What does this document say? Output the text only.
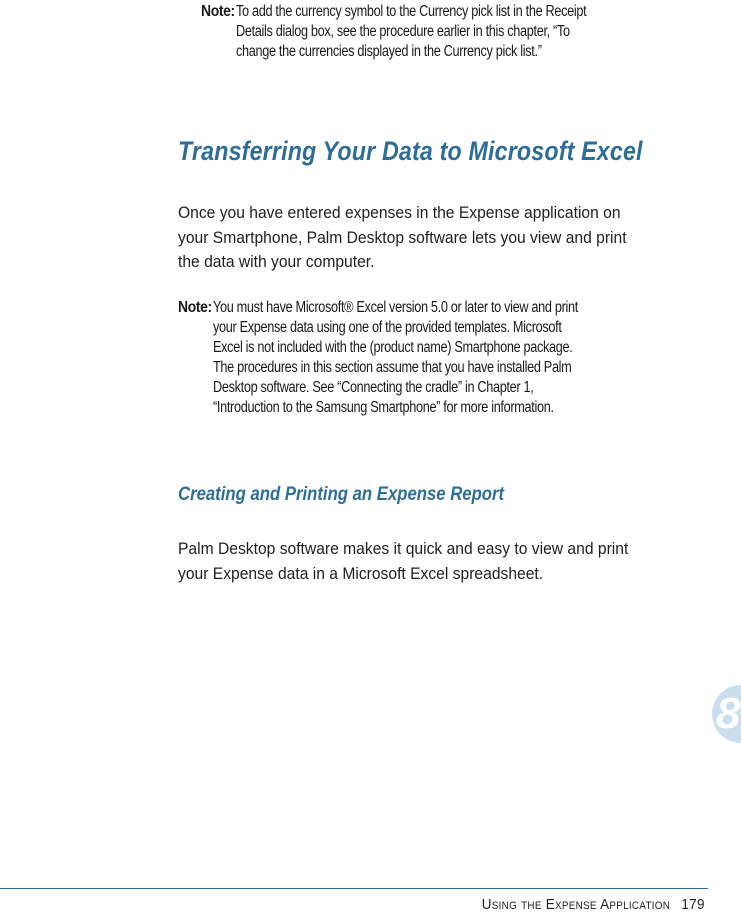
Note: To add the currency symbol to the Currency pick list in the Receipt
Details dialog box, see the procedure earlier in this chapter, “To
change the currencies displayed in the Currency pick list.”
Transferring Your Data to Microsoft Excel
Once you have entered expenses in the Expense application on
your Smartphone, Palm Desktop software lets you view and print
the data with your computer.
Note: You must have Microsoft® Excel version 5.0 or later to view and print
your Expense data using one of the provided templates. Microsoft
Excel is not included with the (product name) Smartphone package.
The procedures in this section assume that you have installed Palm
Desktop software. See “Connecting the cradle” in Chapter 1,
“Introduction to the Samsung Smartphone” for more information.
Creating and Printing an Expense Report
Palm Desktop software makes it quick and easy to view and print
your Expense data in a Microsoft Excel spreadsheet.
8
Using the Expense Application 179
